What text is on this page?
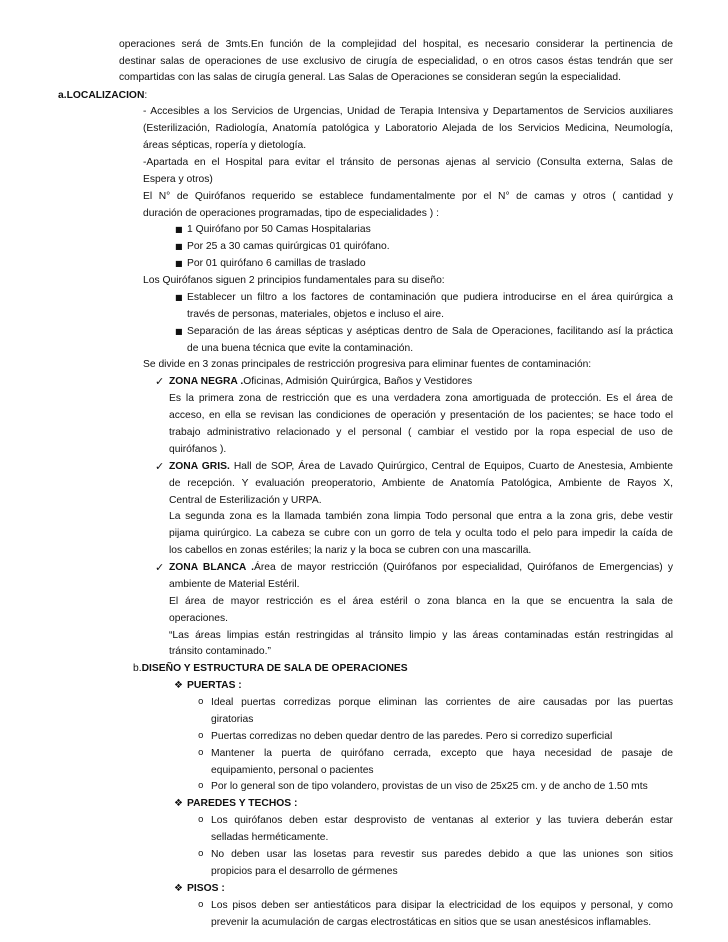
operaciones será de 3mts.En función de la complejidad del hospital, es necesario considerar la pertinencia de
destinar salas de operaciones de use exclusivo de cirugía de especialidad, o en otros casos éstas tendrán que ser
compartidas con las salas de cirugía general. Las Salas de Operaciones se consideran según la especialidad.
a.LOCALIZACION:
- Accesibles a los Servicios de Urgencias, Unidad de Terapia Intensiva y Departamentos de Servicios auxiliares
(Esterilización, Radiología, Anatomía patológica y Laboratorio Alejada de los Servicios Medicina, Neumología,
áreas sépticas, ropería y dietología.
-Apartada en el Hospital para evitar el tránsito de personas ajenas al servicio (Consulta externa, Salas de
Espera y otros)
El N° de Quirófanos requerido se establece fundamentalmente por el N° de camas y otros ( cantidad y
duración de operaciones programadas, tipo de especialidades ) :
■ 1 Quirófano por 50 Camas Hospitalarias
■ Por 25 a 30 camas quirúrgicas 01 quirófano.
■ Por 01 quirófano 6 camillas de traslado
Los Quirófanos siguen 2 principios fundamentales para su diseño:
■ Establecer un filtro a los factores de contaminación que pudiera introducirse en el área quirúrgica a
través de personas, materiales, objetos e incluso el aire.
■ Separación de las áreas sépticas y asépticas dentro de Sala de Operaciones, facilitando así la práctica
de una buena técnica que evite la contaminación.
Se divide en 3 zonas principales de restricción progresiva para eliminar fuentes de contaminación:
✓ ZONA NEGRA .Oficinas, Admisión Quirúrgica, Baños y Vestidores
Es la primera zona de restricción que es una verdadera zona amortiguada de protección. Es el área de
acceso, en ella se revisan las condiciones de operación y presentación de los pacientes; se hace todo el
trabajo administrativo relacionado y el personal ( cambiar el vestido por la ropa especial de uso de
quirófanos ).
✓ ZONA GRIS. Hall de SOP, Área de Lavado Quirúrgico, Central de Equipos, Cuarto de Anestesia, Ambiente
de recepción. Y evaluación preoperatorio, Ambiente de Anatomía Patológica, Ambiente de Rayos X,
Central de Esterilización y URPA.
La segunda zona es la llamada también zona limpia Todo personal que entra a la zona gris, debe vestir
pijama quirúrgico. La cabeza se cubre con un gorro de tela y oculta todo el pelo para impedir la caída de
los cabellos en zonas estériles; la nariz y la boca se cubren con una mascarilla.
✓ ZONA BLANCA .Área de mayor restricción (Quirófanos por especialidad, Quirófanos de Emergencias) y
ambiente de Material Estéril.
El área de mayor restricción es el área estéril o zona blanca en la que se encuentra la sala de
operaciones.
“Las áreas limpias están restringidas al tránsito limpio y las áreas contaminadas están restringidas al
tránsito contaminado.”
b.DISEÑO Y ESTRUCTURA DE SALA DE OPERACIONES
❖ PUERTAS :
o Ideal puertas corredizas porque eliminan las corrientes de aire causadas por las puertas
giratorias
o Puertas corredizas no deben quedar dentro de las paredes. Pero si corredizo superficial
o Mantener la puerta de quirófano cerrada, excepto que haya necesidad de pasaje de
equipamiento, personal o pacientes
o Por lo general son de tipo volandero, provistas de un viso de 25x25 cm. y de ancho de 1.50 mts
❖ PAREDES Y TECHOS :
o Los quirófanos deben estar desprovisto de ventanas al exterior y las tuviera deberán estar
selladas herméticamente.
o No deben usar las losetas para revestir sus paredes debido a que las uniones son sitios
propicios para el desarrollo de gérmenes
❖ PISOS :
o Los pisos deben ser antiestáticos para disipar la electricidad de los equipos y personal, y como
prevenir la acumulación de cargas electrostáticas en sitios que se usan anestésicos inflamables.
